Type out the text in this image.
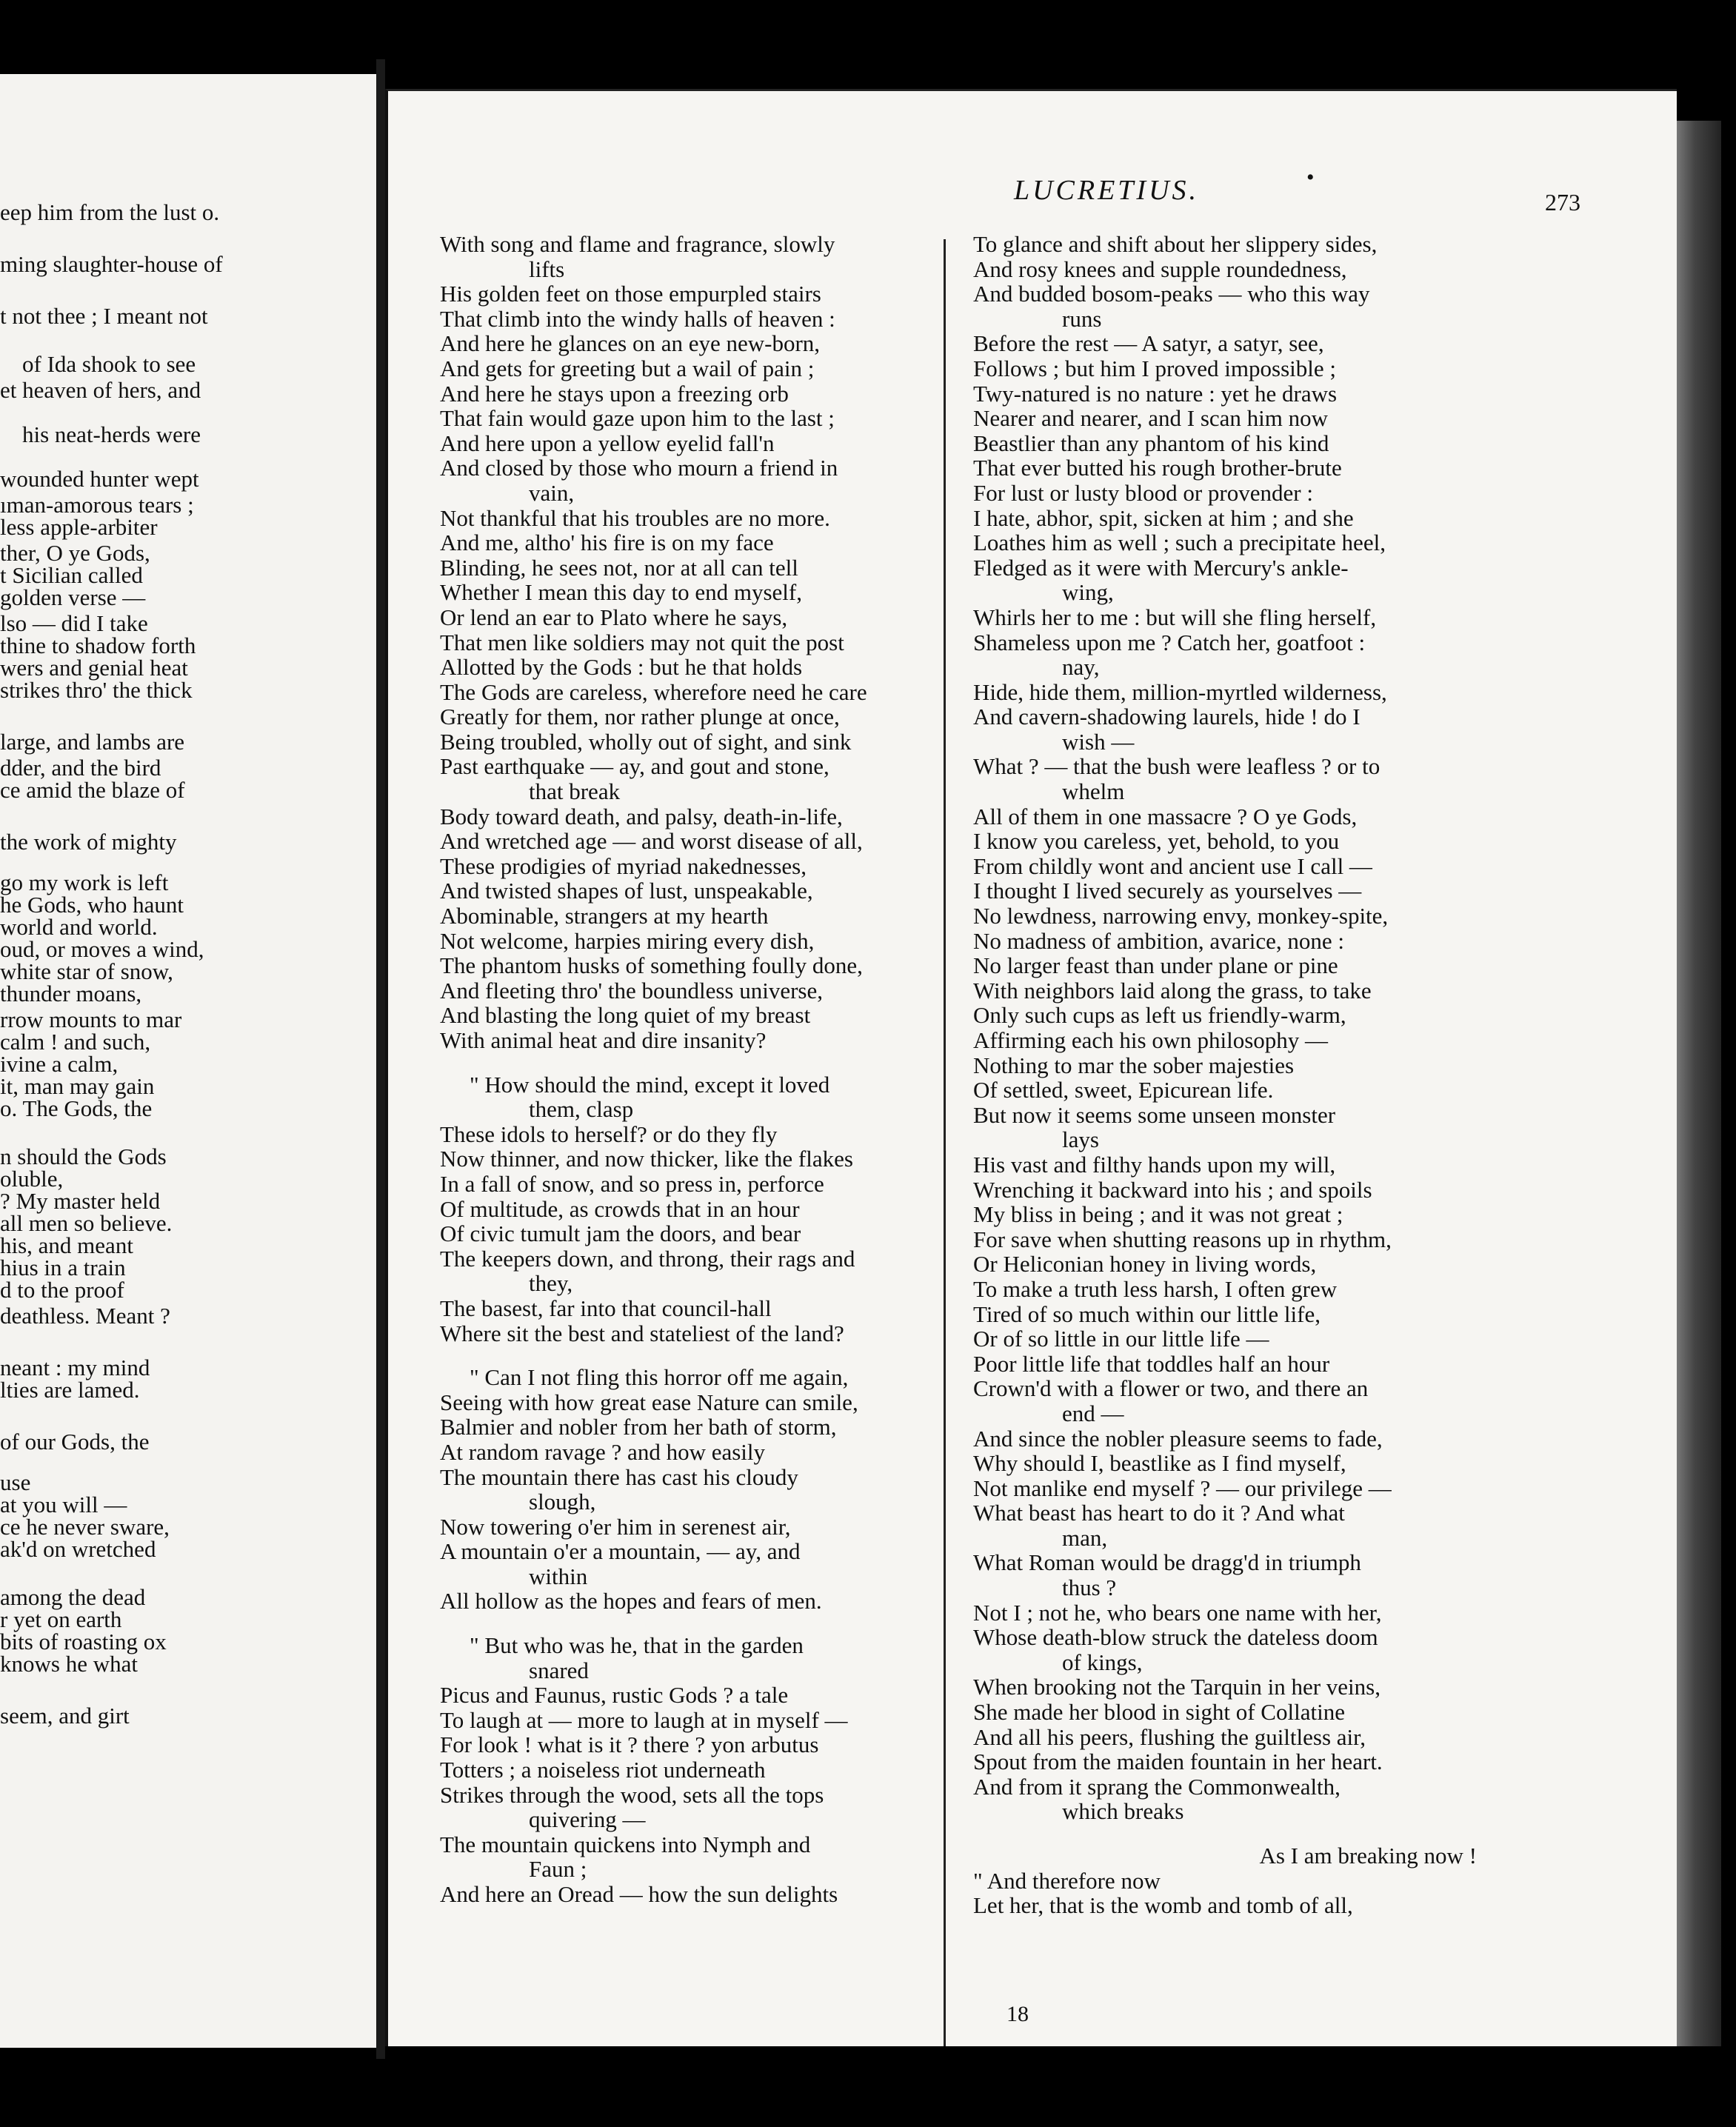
eep him from the lust o.
ming slaughter-house of
t not thee ; I meant not
of Ida shook to see
et heaven of hers, and
his neat-herds were
wounded hunter wept
ıman-amorous tears ;
less apple-arbiter
ther, O ye Gods,
t Sicilian called
golden verse —
lso — did I take
thine to shadow forth
wers and genial heat
strikes thro' the thick
large, and lambs are
dder, and the bird
ce amid the blaze of
the work of mighty
go my work is left
he Gods, who haunt
world and world.
oud, or moves a wind,
white star of snow,
thunder moans,
rrow mounts to mar
calm ! and such,
ivine a calm,
it, man may gain
o. The Gods, the
n should the Gods
oluble,
? My master held
all men so believe.
his, and meant
hius in a train
d to the proof
deathless. Meant ?
neant : my mind
lties are lamed.
of our Gods, the
use
at you will —
ce he never sware,
ak'd on wretched
among the dead
r yet on earth
bits of roasting ox
knows he what
seem, and girt
LUCRETIUS.	•
273
With song and flame and fragrance, slowly
lifts
His golden feet on those empurpled stairs
That climb into the windy halls of heaven :
And here he glances on an eye new-born,
And gets for greeting but a wail of pain ;
And here he stays upon a freezing orb
That fain would gaze upon him to the last ;
And here upon a yellow eyelid fall'n
And closed by those who mourn a friend in
vain,
Not thankful that his troubles are no more.
And me, altho' his fire is on my face
Blinding, he sees not, nor at all can tell
Whether I mean this day to end myself,
Or lend an ear to Plato where he says,
That men like soldiers may not quit the post
Allotted by the Gods : but he that holds
The Gods are careless, wherefore need he care
Greatly for them, nor rather plunge at once,
Being troubled, wholly out of sight, and sink
Past earthquake — ay, and gout and stone,
that break
Body toward death, and palsy, death-in-life,
And wretched age — and worst disease of all,
These prodigies of myriad nakednesses,
And twisted shapes of lust, unspeakable,
Abominable, strangers at my hearth
Not welcome, harpies miring every dish,
The phantom husks of something foully done,
And fleeting thro' the boundless universe,
And blasting the long quiet of my breast
With animal heat and dire insanity?
" How should the mind, except it loved
them, clasp
These idols to herself? or do they fly
Now thinner, and now thicker, like the flakes
In a fall of snow, and so press in, perforce
Of multitude, as crowds that in an hour
Of civic tumult jam the doors, and bear
The keepers down, and throng, their rags and
they,
The basest, far into that council-hall
Where sit the best and stateliest of the land?
" Can I not fling this horror off me again,
Seeing with how great ease Nature can smile,
Balmier and nobler from her bath of storm,
At random ravage ? and how easily
The mountain there has cast his cloudy
slough,
Now towering o'er him in serenest air,
A mountain o'er a mountain, — ay, and
within
All hollow as the hopes and fears of men.
" But who was he, that in the garden
snared
Picus and Faunus, rustic Gods ? a tale
To laugh at — more to laugh at in myself —
For look ! what is it ? there ? yon arbutus
Totters ; a noiseless riot underneath
Strikes through the wood, sets all the tops
quivering —
The mountain quickens into Nymph and
Faun ;
And here an Oread — how the sun delights
To glance and shift about her slippery sides,
And rosy knees and supple roundedness,
And budded bosom-peaks — who this way
runs
Before the rest — A satyr, a satyr, see,
Follows ; but him I proved impossible ;
Twy-natured is no nature : yet he draws
Nearer and nearer, and I scan him now
Beastlier than any phantom of his kind
That ever butted his rough brother-brute
For lust or lusty blood or provender :
I hate, abhor, spit, sicken at him ; and she
Loathes him as well ; such a precipitate heel,
Fledged as it were with Mercury's ankle-
wing,
Whirls her to me : but will she fling herself,
Shameless upon me ? Catch her, goatfoot :
nay,
Hide, hide them, million-myrtled wilderness,
And cavern-shadowing laurels, hide ! do I
wish —
What ? — that the bush were leafless ? or to
whelm
All of them in one massacre ? O ye Gods,
I know you careless, yet, behold, to you
From childly wont and ancient use I call —
I thought I lived securely as yourselves —
No lewdness, narrowing envy, monkey-spite,
No madness of ambition, avarice, none :
No larger feast than under plane or pine
With neighbors laid along the grass, to take
Only such cups as left us friendly-warm,
Affirming each his own philosophy —
Nothing to mar the sober majesties
Of settled, sweet, Epicurean life.
But now it seems some unseen monster
lays
His vast and filthy hands upon my will,
Wrenching it backward into his ; and spoils
My bliss in being ; and it was not great ;
For save when shutting reasons up in rhythm,
Or Heliconian honey in living words,
To make a truth less harsh, I often grew
Tired of so much within our little life,
Or of so little in our little life —
Poor little life that toddles half an hour
Crown'd with a flower or two, and there an
end —
And since the nobler pleasure seems to fade,
Why should I, beastlike as I find myself,
Not manlike end myself ? — our privilege —
What beast has heart to do it ? And what
man,
What Roman would be dragg'd in triumph
thus ?
Not I ; not he, who bears one name with her,
Whose death-blow struck the dateless doom
of kings,
When brooking not the Tarquin in her veins,
She made her blood in sight of Collatine
And all his peers, flushing the guiltless air,
Spout from the maiden fountain in her heart.
And from it sprang the Commonwealth,
which breaks
As I am breaking now !
" And therefore now
Let her, that is the womb and tomb of all,
18
